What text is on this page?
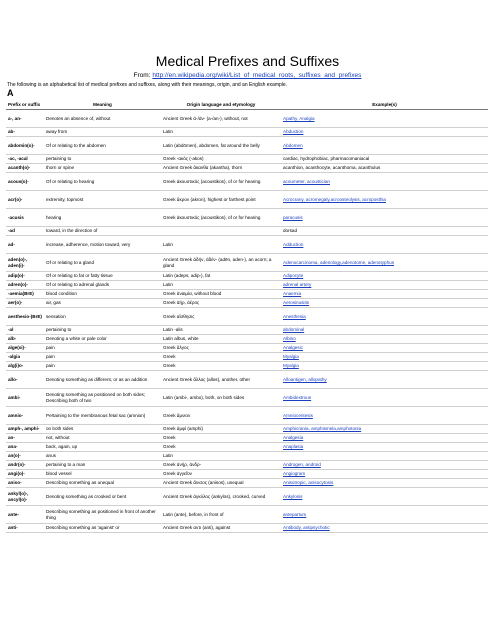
Medical Prefixes and Suffixes
From: http://en.wikipedia.org/wiki/List_of_medical_roots,_suffixes_and_prefixes
The following is an alphabetical list of medical prefixes and suffixes, along with their meanings, origin, and an English example.
A
Prefix or suffix	Meaning	Origin language and etymology	Example(s)
a-, an-	Denotes an absence of, without	Ancient Greek ἀ-/ἀν- (a-/an-), without, not	Apathy, Analgia
ab-	away from	Latin	Abduction
abdomin(o)-	Of or relating to the abdomen	Latin (abdōmen), abdomen, fat around the belly	Abdomen
-ac, -acal	pertaining to	Greek -ακός (-akos)	cardiac, hydrophobiac, pharmacomaniacal
acanth(o)-	thorn or spine	Ancient Greek ἄκανθα (akantha), thorn	acanthion, acanthocyte, acanthoma, acanthulus
acous(o)-	Of or relating to hearing	Greek ἀκουστικός (acoustikos), of or for hearing	acoumeter, acoustician
acr(o)-	extremity, topmost	Greek ἄκρον (akron), highest or farthest point	Acrocrany, acromegaly,acroosteolysis, acroposthia
-acusis	hearing	Greek ἀκουστικός (acoustikos), of or for hearing	paracusis
-ad	toward, in the direction of		dorsad
ad-	increase, adherence, motion toward, very	Latin	Adduction
aden(o)-, aden(i)-	Of or relating to a gland	Ancient Greek ἀδήν, ἀδέν- (adēn, aden-), an acorn; a gland	Adenocarcinoma, adenology,adenotome, adenotyphus
adip(o)-	Of or relating to fat or fatty tissue	Latin (adeps, adip-), fat	Adipocyte
adren(o)-	Of or relating to adrenal glands	Latin	adrenal artery
-aemia(BrE)	blood condition	Greek ἀναιμία, without blood	Anaemia
aer(o)-	air, gas	Greek ἀήρ, ἀέρος	Aerosinusitis
aesthesio-(BrE)	sensation	Greek αἴσθησις	Anesthesia
-al	pertaining to	Latin -alis	abdominal
alb-	Denoting a white or pale color	Latin albus, white	Albino
alge(si)-	pain	Greek ἄλγος	Analgesic
-algia	pain	Greek	Myalgia
alg(i)o-	pain	Greek	Myalgia
allo-	Denoting something as different, or as an addition	Ancient Greek ἄλλος (allos), another, other	Alloantigen, allopathy
ambi-	Denoting something as positioned on both sides; Describing both of two	Latin (ambi-, ambo), both, on both sides	Ambidextrous
amnio-	Pertaining to the membranous fetal sac (amnion)	Greek ἄμνιον	Amniocentesis
amph-, amphi-	on both sides	Greek ἀμφί (amphi)	Amphicrania, amphismela,amphotonia
an-	not, without	Greek	Analgesia
ana-	back, again, up	Greek	Anaplasia
an(o)-	anus	Latin	
andr(o)-	pertaining to a man	Greek ἀνήρ, ἀνδρ-	Androgen, android
angi(o)-	blood vessel	Greek ἀγγεῖον	Angiogram
aniso-	Describing something as unequal	Ancient Greek ἄνισος (anisos), unequal	Anisotropic, anisocytosis
ankyl(o)-, ancyl(o)-	Denoting something as crooked or bent	Ancient Greek ἀγκύλος (ankylos), crooked, curved	Ankylosis
ante-	Describing something as positioned in front of another thing	Latin (ante), before, in front of	antepartum
anti-	Describing something as 'against' or	Ancient Greek αντι (anti), against	Antibody, antipsychotic
